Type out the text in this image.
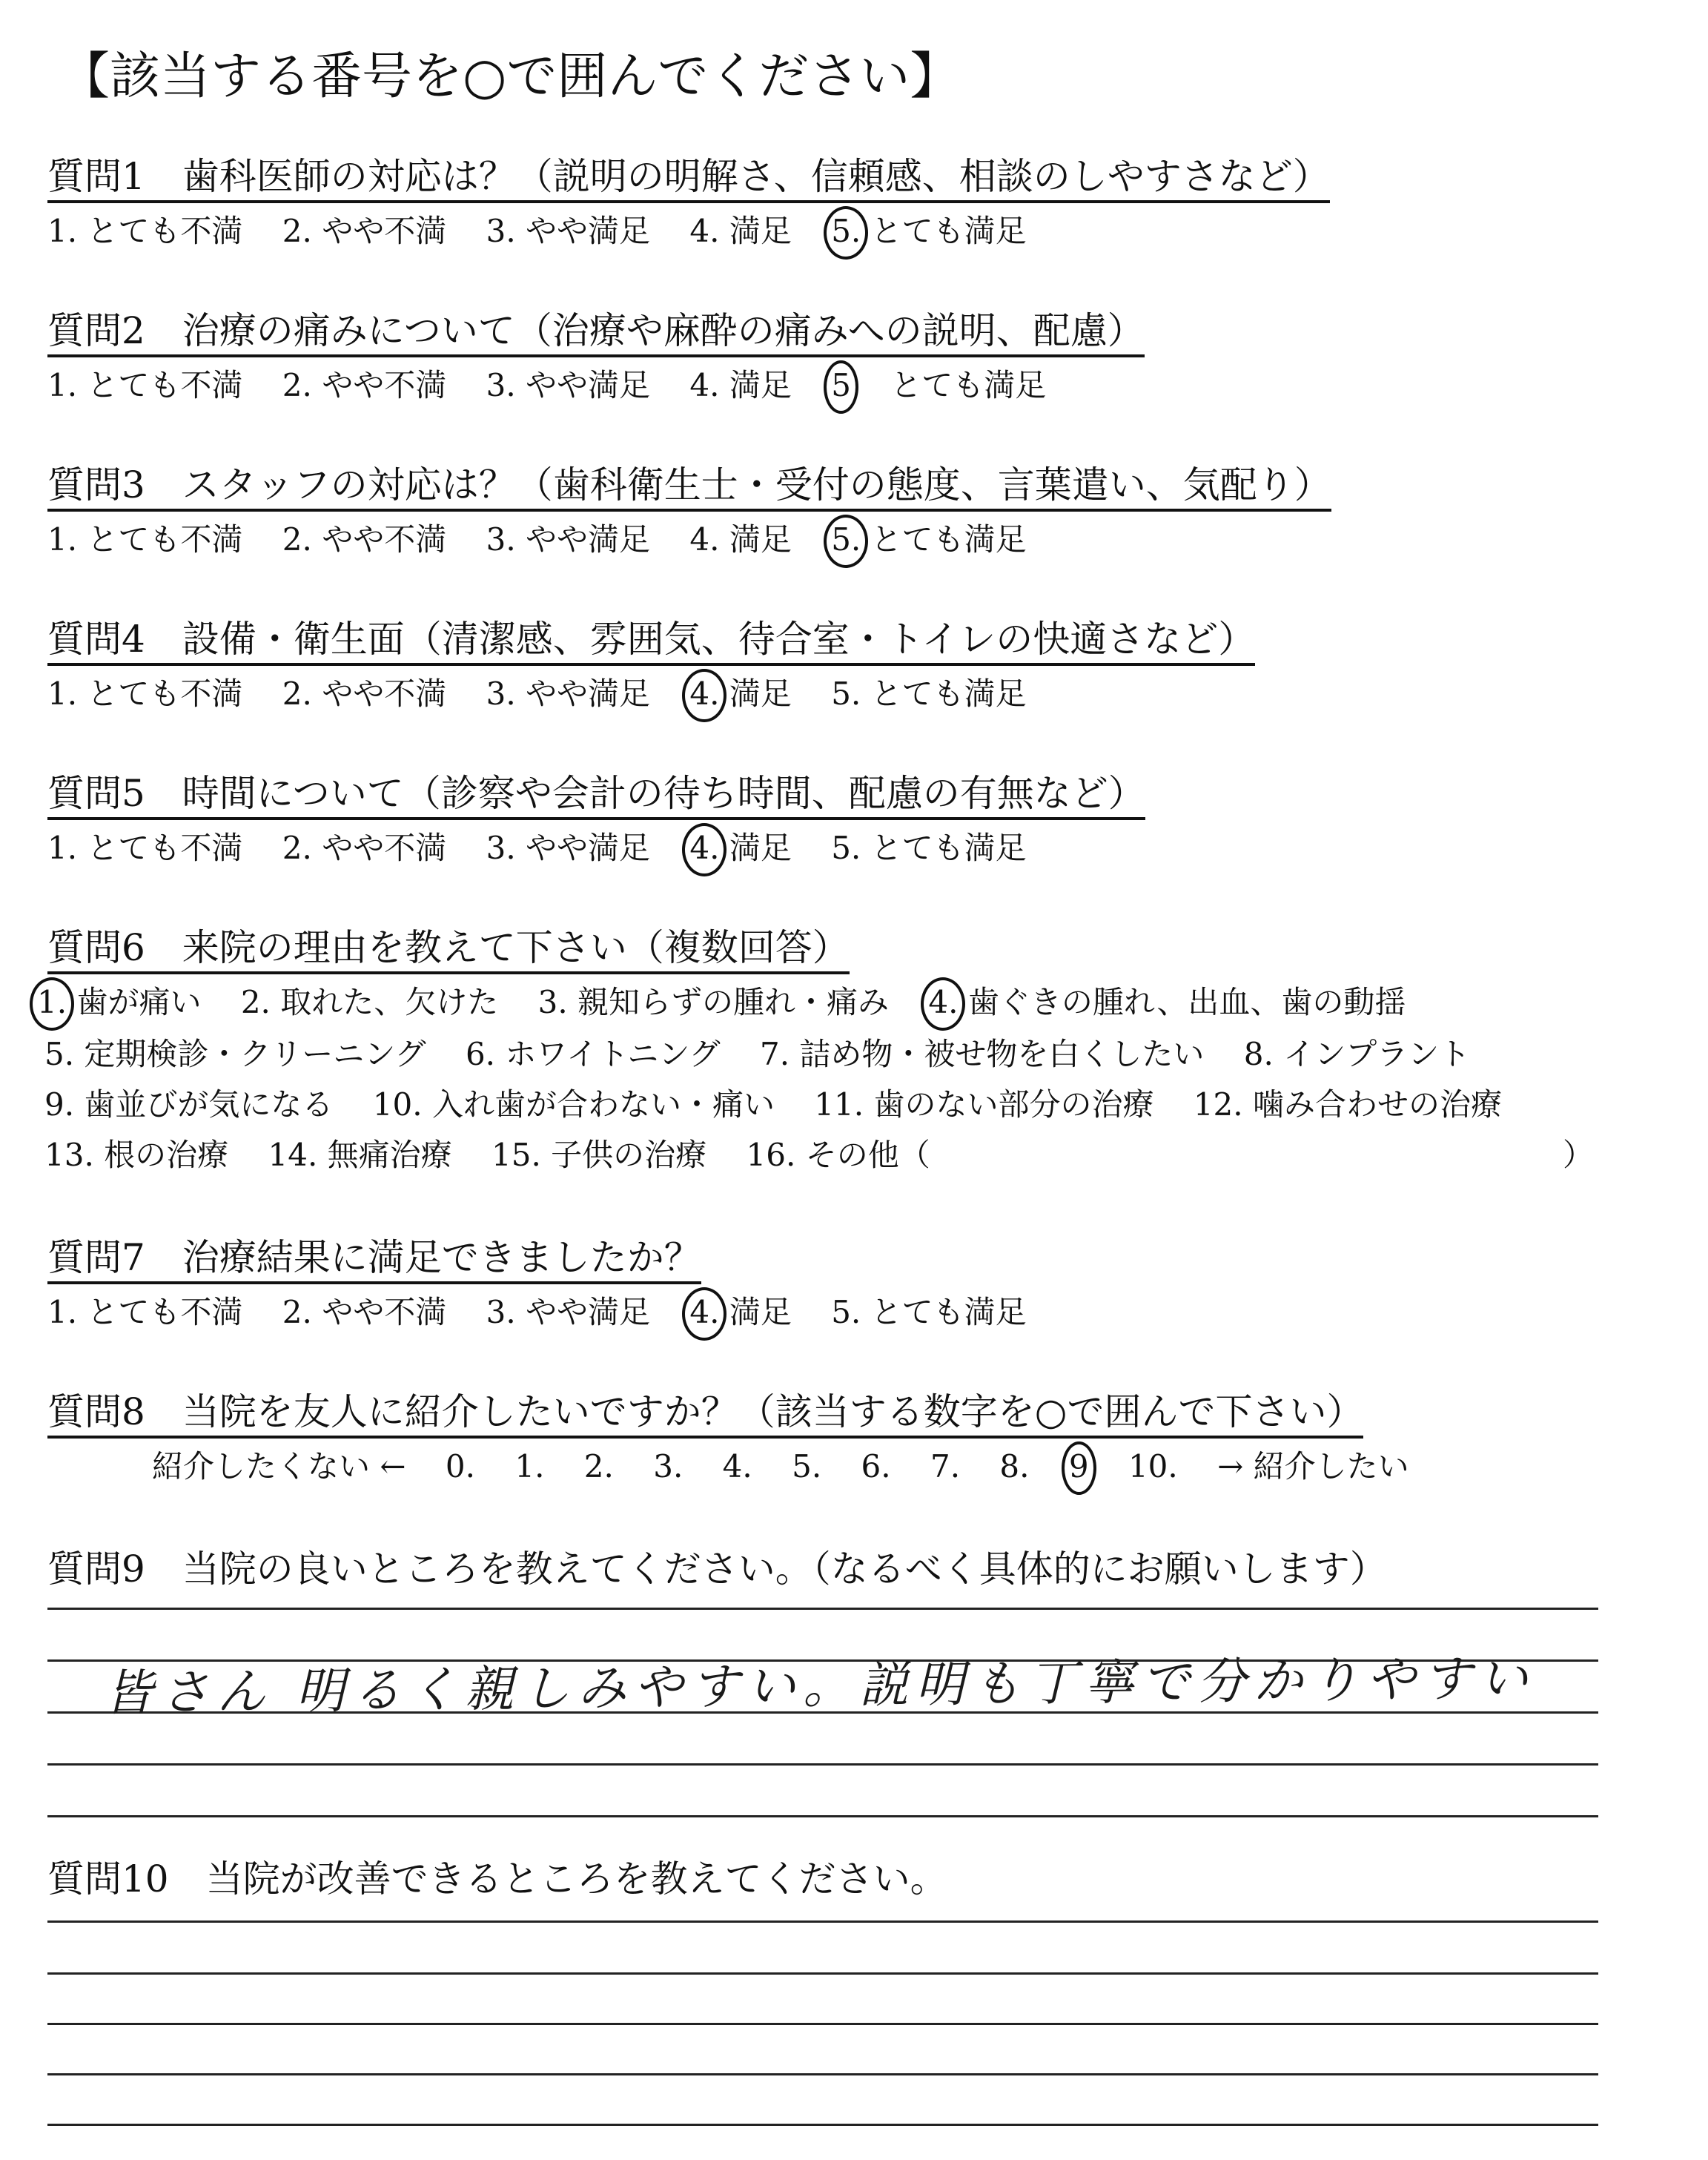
【該当する番号を○で囲んでください】
質問1　歯科医師の対応は？（説明の明解さ、信頼感、相談のしやすさなど）
1. とても不満 2. やや不満 3. やや満足 4. 満足 5. とても満足
質問2　治療の痛みについて（治療や麻酔の痛みへの説明、配慮）
1. とても不満 2. やや不満 3. やや満足 4. 満足 5 とても満足
質問3　スタッフの対応は？（歯科衛生士・受付の態度、言葉遣い、気配り）
1. とても不満 2. やや不満 3. やや満足 4. 満足 5. とても満足
質問4　設備・衛生面（清潔感、雰囲気、待合室・トイレの快適さなど）
1. とても不満 2. やや不満 3. やや満足 4. 満足 5. とても満足
質問5　時間について（診察や会計の待ち時間、配慮の有無など）
1. とても不満 2. やや不満 3. やや満足 4. 満足 5. とても満足
質問6　来院の理由を教えて下さい（複数回答）
1. 歯が痛い 2. 取れた、欠けた 3. 親知らずの腫れ・痛み 4. 歯ぐきの腫れ、出血、歯の動揺
5. 定期検診・クリーニング 6. ホワイトニング 7. 詰め物・被せ物を白くしたい 8. インプラント
9. 歯並びが気になる 10. 入れ歯が合わない・痛い 11. 歯のない部分の治療 12. 噛み合わせの治療
13. 根の治療 14. 無痛治療 15. 子供の治療 16. その他（	）
質問7　治療結果に満足できましたか？
1. とても不満 2. やや不満 3. やや満足 4. 満足 5. とても満足
質問8　当院を友人に紹介したいですか？（該当する数字を○で囲んで下さい）
紹介したくない ← 0. 1. 2. 3. 4. 5. 6. 7. 8. 9 10. → 紹介したい
質問9　当院の良いところを教えてください。（なるべく具体的にお願いします）
皆さん 明るく親しみやすい。説明も丁寧で分かりやすい
質問10　当院が改善できるところを教えてください。
